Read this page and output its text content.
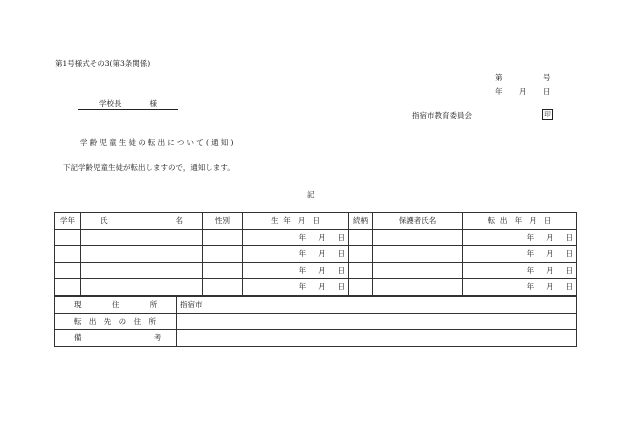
第1号様式その3(第3条関係)
第	号
年 月 日
学校長	様
指宿市教育委員会	印
学齢児童生徒の転出について(通知)
下記学齢児童生徒が転出しますので，通知します。
記
学年	氏 名	性別	生 年 月 日	続柄	保護者氏名	転 出 年 月 日
			年 月 日			年 月 日
			年 月 日			年 月 日
			年 月 日			年 月 日
			年 月 日			年 月 日
現 住 所	指宿市
転 出 先 の 住 所	
備 考	
